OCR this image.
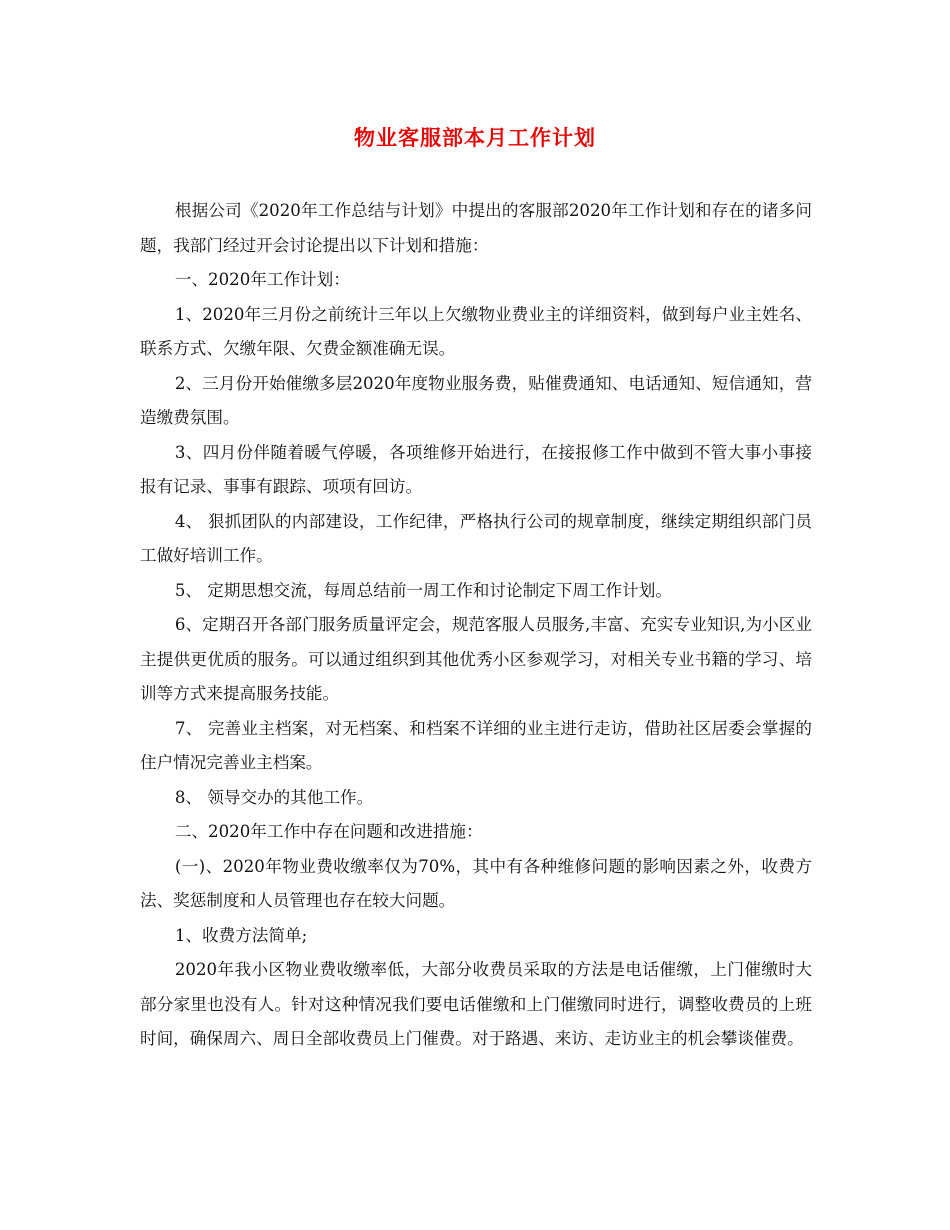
物业客服部本月工作计划

根据公司《2020年工作总结与计划》中提出的客服部2020年工作计划和存在的诸多问题，我部门经过开会讨论提出以下计划和措施：

一、2020年工作计划：

1、2020年三月份之前统计三年以上欠缴物业费业主的详细资料，做到每户业主姓名、联系方式、欠缴年限、欠费金额准确无误。

2、三月份开始催缴多层2020年度物业服务费，贴催费通知、电话通知、短信通知，营造缴费氛围。

3、四月份伴随着暖气停暖，各项维修开始进行，在接报修工作中做到不管大事小事接报有记录、事事有跟踪、项项有回访。

4、 狠抓团队的内部建设，工作纪律，严格执行公司的规章制度，继续定期组织部门员工做好培训工作。

5、 定期思想交流，每周总结前一周工作和讨论制定下周工作计划。

6、定期召开各部门服务质量评定会，规范客服人员服务,丰富、充实专业知识,为小区业主提供更优质的服务。可以通过组织到其他优秀小区参观学习，对相关专业书籍的学习、培训等方式来提高服务技能。

7、 完善业主档案，对无档案、和档案不详细的业主进行走访，借助社区居委会掌握的住户情况完善业主档案。

8、 领导交办的其他工作。

二、2020年工作中存在问题和改进措施：

(一)、2020年物业费收缴率仅为70%，其中有各种维修问题的影响因素之外，收费方法、奖惩制度和人员管理也存在较大问题。

1、收费方法简单;

2020年我小区物业费收缴率低，大部分收费员采取的方法是电话催缴，上门催缴时大部分家里也没有人。针对这种情况我们要电话催缴和上门催缴同时进行，调整收费员的上班时间，确保周六、周日全部收费员上门催费。对于路遇、来访、走访业主的机会攀谈催费。
